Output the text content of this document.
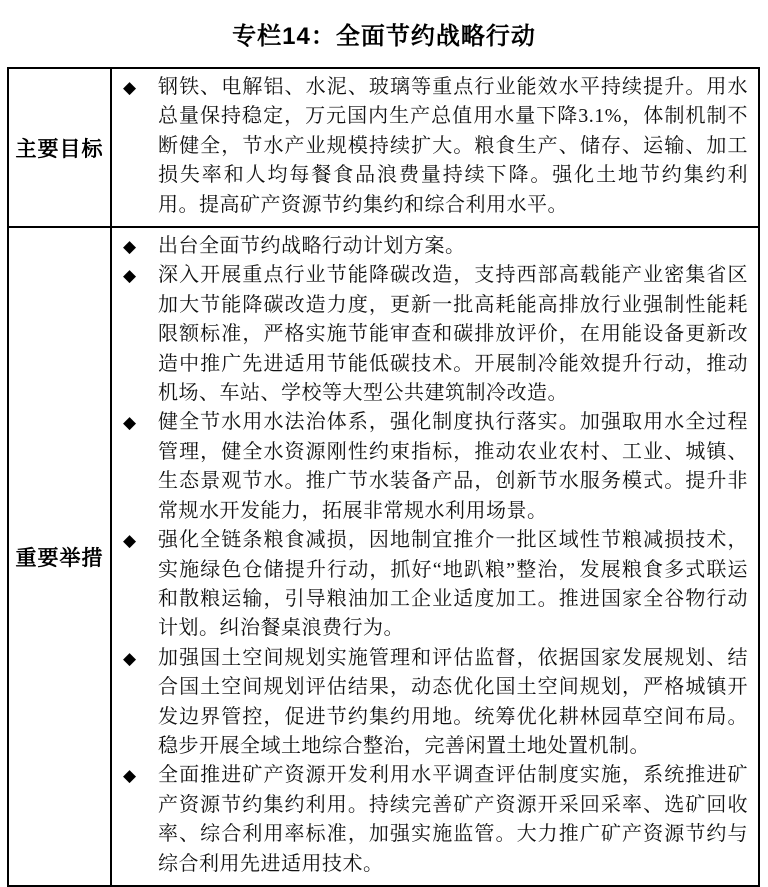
专栏14：全面节约战略行动
主要目标
◆	钢铁、电解铝、水泥、玻璃等重点行业能效水平持续提升。用水总量保持稳定，万元国内生产总值用水量下降3.1%，体制机制不断健全，节水产业规模持续扩大。粮食生产、储存、运输、加工损失率和人均每餐食品浪费量持续下降。强化土地节约集约利用。提高矿产资源节约集约和综合利用水平。
重要举措
◆	出台全面节约战略行动计划方案。
◆	深入开展重点行业节能降碳改造，支持西部高载能产业密集省区加大节能降碳改造力度，更新一批高耗能高排放行业强制性能耗限额标准，严格实施节能审查和碳排放评价，在用能设备更新改造中推广先进适用节能低碳技术。开展制冷能效提升行动，推动机场、车站、学校等大型公共建筑制冷改造。
◆	健全节水用水法治体系，强化制度执行落实。加强取用水全过程管理，健全水资源刚性约束指标，推动农业农村、工业、城镇、生态景观节水。推广节水装备产品，创新节水服务模式。提升非常规水开发能力，拓展非常规水利用场景。
◆	强化全链条粮食减损，因地制宜推介一批区域性节粮减损技术，实施绿色仓储提升行动，抓好“地趴粮”整治，发展粮食多式联运和散粮运输，引导粮油加工企业适度加工。推进国家全谷物行动计划。纠治餐桌浪费行为。
◆	加强国土空间规划实施管理和评估监督，依据国家发展规划、结合国土空间规划评估结果，动态优化国土空间规划，严格城镇开发边界管控，促进节约集约用地。统筹优化耕林园草空间布局。稳步开展全域土地综合整治，完善闲置土地处置机制。
◆	全面推进矿产资源开发利用水平调查评估制度实施，系统推进矿产资源节约集约利用。持续完善矿产资源开采回采率、选矿回收率、综合利用率标准，加强实施监管。大力推广矿产资源节约与综合利用先进适用技术。
